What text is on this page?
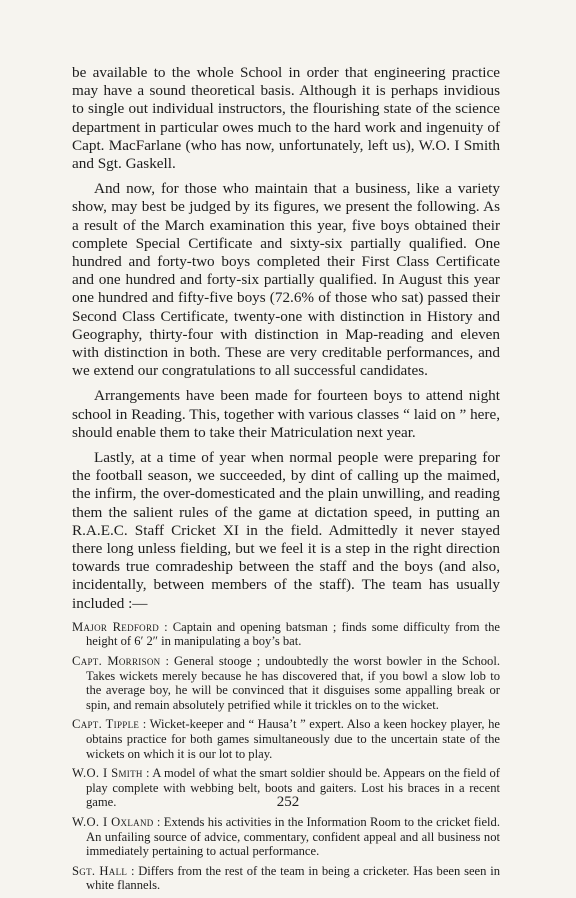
be available to the whole School in order that engineering practice may have a sound theoretical basis. Although it is perhaps invidious to single out individual instructors, the flourishing state of the science department in particular owes much to the hard work and ingenuity of Capt. MacFarlane (who has now, unfortunately, left us), W.O. I Smith and Sgt. Gaskell.

And now, for those who maintain that a business, like a variety show, may best be judged by its figures, we present the following. As a result of the March examination this year, five boys obtained their complete Special Certificate and sixty-six partially qualified. One hundred and forty-two boys completed their First Class Certificate and one hundred and forty-six partially qualified. In August this year one hundred and fifty-five boys (72.6% of those who sat) passed their Second Class Certificate, twenty-one with distinction in History and Geography, thirty-four with distinction in Map-reading and eleven with distinction in both. These are very creditable performances, and we extend our congratulations to all successful candidates.

Arrangements have been made for fourteen boys to attend night school in Reading. This, together with various classes “ laid on ” here, should enable them to take their Matriculation next year.

Lastly, at a time of year when normal people were preparing for the football season, we succeeded, by dint of calling up the maimed, the infirm, the over-domesticated and the plain unwilling, and reading them the salient rules of the game at dictation speed, in putting an R.A.E.C. Staff Cricket XI in the field. Admittedly it never stayed there long unless fielding, but we feel it is a step in the right direction towards true comradeship between the staff and the boys (and also, incidentally, between members of the staff). The team has usually included :—

Major Redford : Captain and opening batsman ; finds some difficulty from the height of 6′ 2″ in manipulating a boy’s bat.

Capt. Morrison : General stooge ; undoubtedly the worst bowler in the School. Takes wickets merely because he has discovered that, if you bowl a slow lob to the average boy, he will be convinced that it disguises some appalling break or spin, and remain absolutely petrified while it trickles on to the wicket.

Capt. Tipple : Wicket-keeper and “ Hausa’t ” expert. Also a keen hockey player, he obtains practice for both games simultaneously due to the uncertain state of the wickets on which it is our lot to play.

W.O. I Smith : A model of what the smart soldier should be. Appears on the field of play complete with webbing belt, boots and gaiters. Lost his braces in a recent game.

W.O. I Oxland : Extends his activities in the Information Room to the cricket field. An unfailing source of advice, commentary, confident appeal and all business not immediately pertaining to actual performance.

Sgt. Hall : Differs from the rest of the team in being a cricketer. Has been seen in white flannels.

252
